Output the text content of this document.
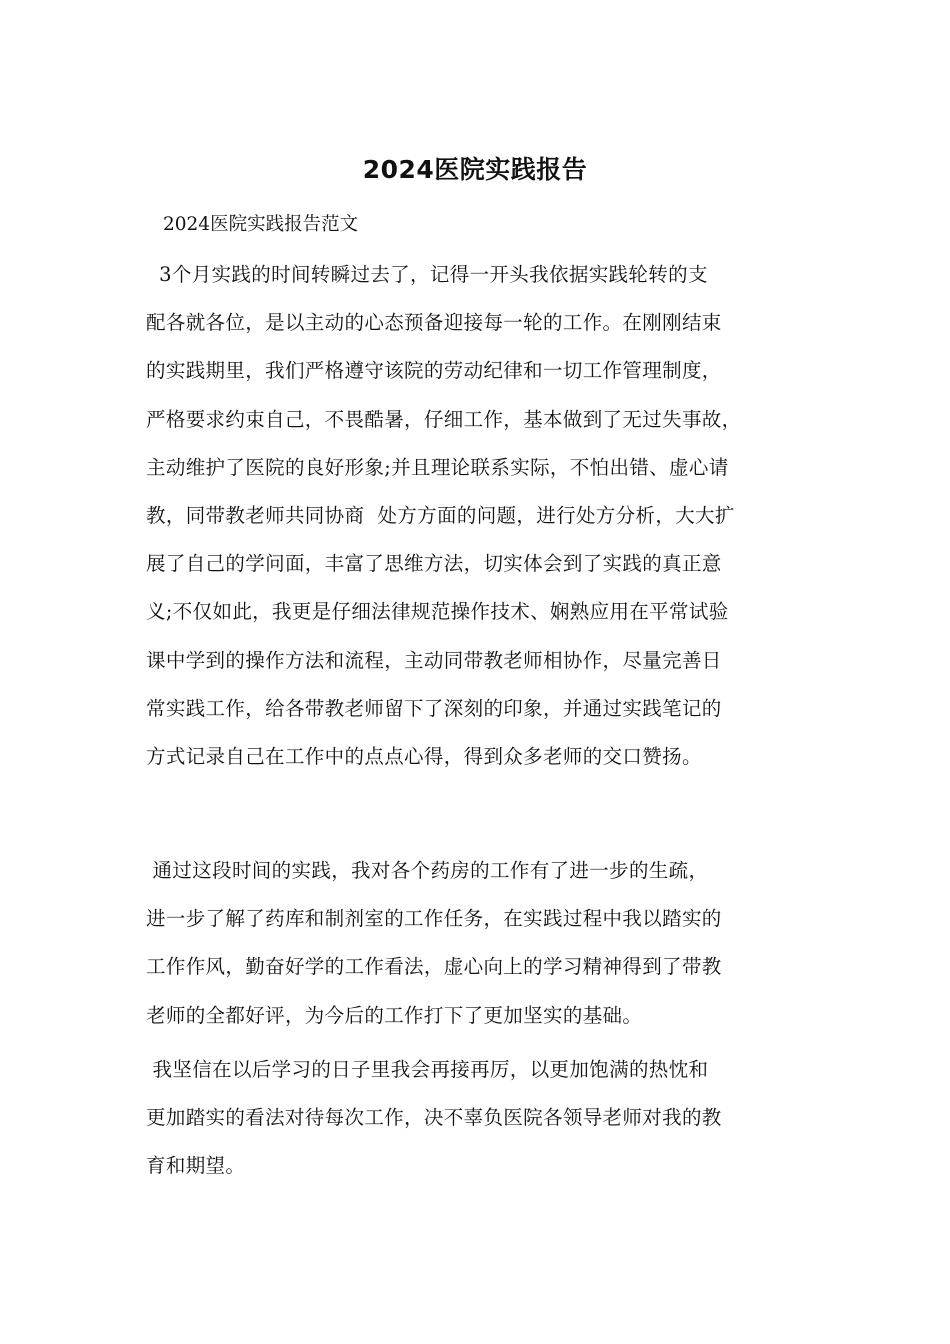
2024医院实践报告
2024医院实践报告范文
3个月实践的时间转瞬过去了，记得一开头我依据实践轮转的支
配各就各位，是以主动的心态预备迎接每一轮的工作。在刚刚结束
的实践期里，我们严格遵守该院的劳动纪律和一切工作管理制度，
严格要求约束自己，不畏酷暑，仔细工作，基本做到了无过失事故，
主动维护了医院的良好形象;并且理论联系实际，不怕出错、虚心请
教，同带教老师共同协商  处方方面的问题，进行处方分析，大大扩
展了自己的学问面，丰富了思维方法，切实体会到了实践的真正意
义;不仅如此，我更是仔细法律规范操作技术、娴熟应用在平常试验
课中学到的操作方法和流程，主动同带教老师相协作，尽量完善日
常实践工作，给各带教老师留下了深刻的印象，并通过实践笔记的
方式记录自己在工作中的点点心得，得到众多老师的交口赞扬。
通过这段时间的实践，我对各个药房的工作有了进一步的生疏，
进一步了解了药库和制剂室的工作任务，在实践过程中我以踏实的
工作作风，勤奋好学的工作看法，虚心向上的学习精神得到了带教
老师的全都好评，为今后的工作打下了更加坚实的基础。
我坚信在以后学习的日子里我会再接再厉，以更加饱满的热忱和
更加踏实的看法对待每次工作，决不辜负医院各领导老师对我的教
育和期望。
